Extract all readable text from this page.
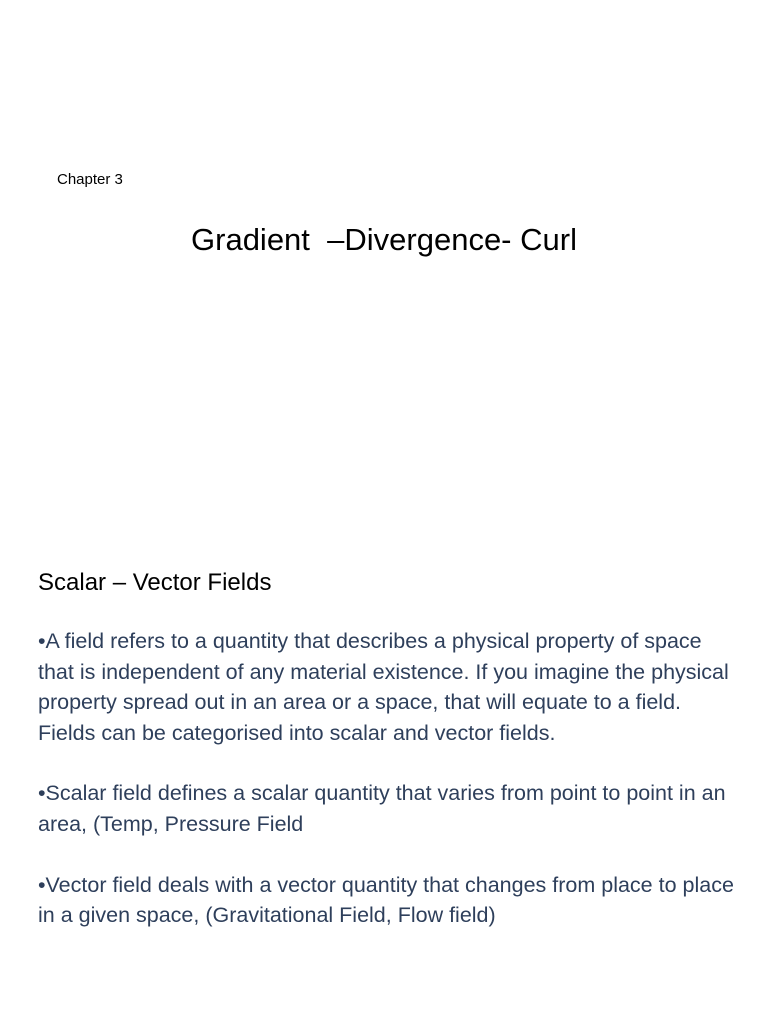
Chapter 3
Gradient  –Divergence- Curl
Scalar – Vector Fields

•A field refers to a quantity that describes a physical property of space that is independent of any material existence. If you imagine the physical property spread out in an area or a space, that will equate to a field. Fields can be categorised into scalar and vector fields.

•Scalar field defines a scalar quantity that varies from point to point in an area, (Temp, Pressure Field

•Vector field deals with a vector quantity that changes from place to place in a given space, (Gravitational Field, Flow field)
